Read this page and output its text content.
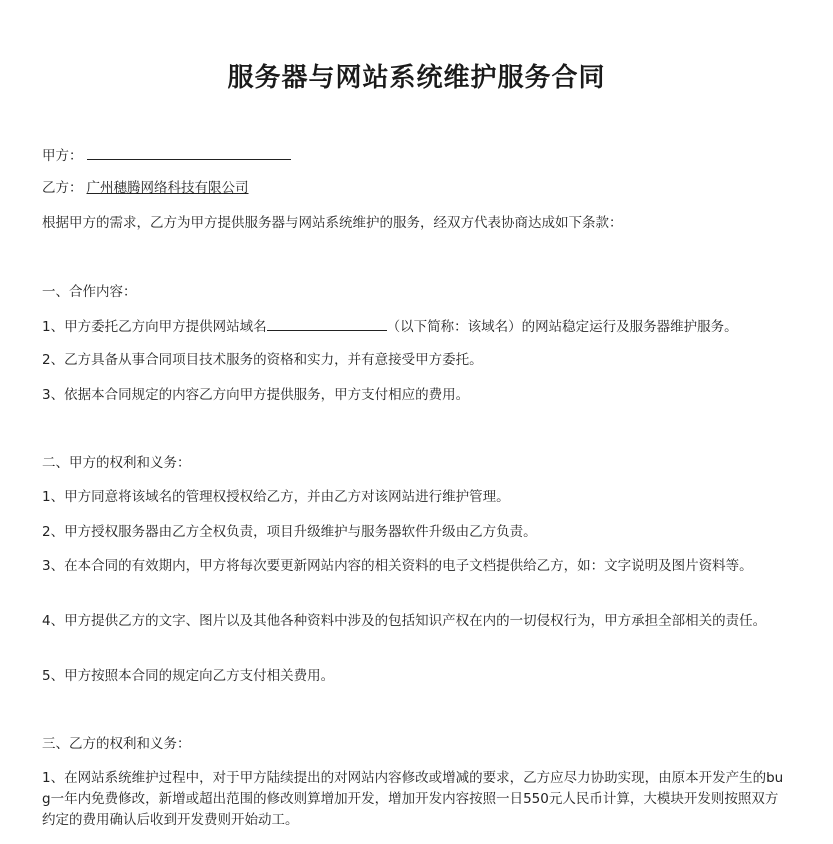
服务器与网站系统维护服务合同
甲方：
乙方： 广州穗腾网络科技有限公司
根据甲方的需求，乙方为甲方提供服务器与网站系统维护的服务，经双方代表协商达成如下条款：
一、合作内容：
1、甲方委托乙方向甲方提供网站域名	（以下简称：该域名）的网站稳定运行及服务器维护服务。
2、乙方具备从事合同项目技术服务的资格和实力，并有意接受甲方委托。
3、依据本合同规定的内容乙方向甲方提供服务，甲方支付相应的费用。
二、甲方的权利和义务：
1、甲方同意将该域名的管理权授权给乙方，并由乙方对该网站进行维护管理。
2、甲方授权服务器由乙方全权负责，项目升级维护与服务器软件升级由乙方负责。
3、在本合同的有效期内，甲方将每次要更新网站内容的相关资料的电子文档提供给乙方，如：文字说明及图片资料等。
4、甲方提供乙方的文字、图片以及其他各种资料中涉及的包括知识产权在内的一切侵权行为，甲方承担全部相关的责任。
5、甲方按照本合同的规定向乙方支付相关费用。
三、乙方的权利和义务：
1、在网站系统维护过程中，对于甲方陆续提出的对网站内容修改或增减的要求，乙方应尽力协助实现，由原本开发产生的bug一年内免费修改，新增或超出范围的修改则算增加开发，增加开发内容按照一日550元人民币计算，大模块开发则按照双方约定的费用确认后收到开发费则开始动工。
